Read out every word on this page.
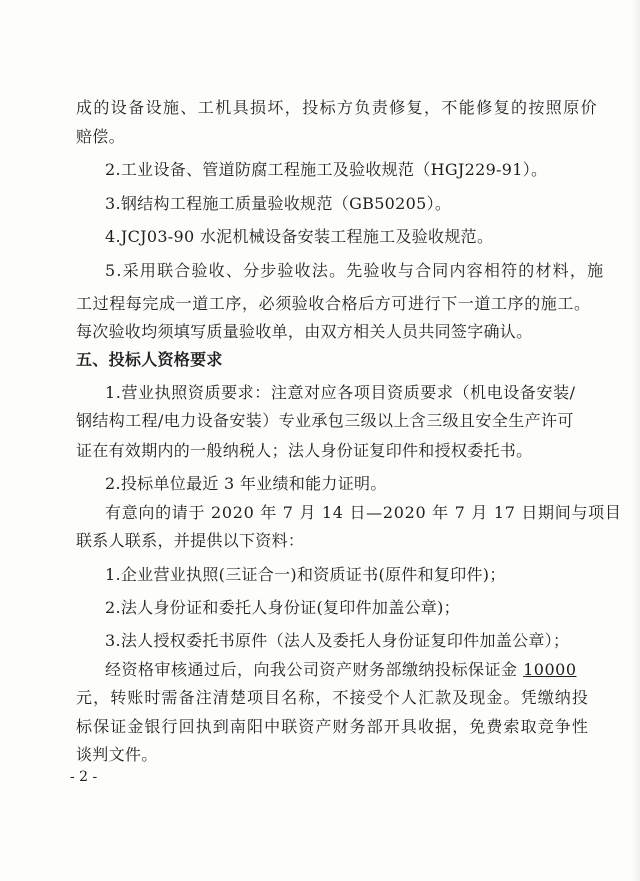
成的设备设施、工机具损坏，投标方负责修复，不能修复的按照原价
赔偿。
2.工业设备、管道防腐工程施工及验收规范（HGJ229-91）。
3.钢结构工程施工质量验收规范（GB50205）。
4.JCJ03-90 水泥机械设备安装工程施工及验收规范。
5.采用联合验收、分步验收法。先验收与合同内容相符的材料，施
工过程每完成一道工序，必须验收合格后方可进行下一道工序的施工。
每次验收均须填写质量验收单，由双方相关人员共同签字确认。
五、投标人资格要求
1.营业执照资质要求：注意对应各项目资质要求（机电设备安装/
钢结构工程/电力设备安装）专业承包三级以上含三级且安全生产许可
证在有效期内的一般纳税人；法人身份证复印件和授权委托书。
2.投标单位最近 3 年业绩和能力证明。
有意向的请于 2020 年 7 月 14 日—2020 年 7 月 17 日期间与项目
联系人联系，并提供以下资料：
1.企业营业执照(三证合一)和资质证书(原件和复印件)；
2.法人身份证和委托人身份证(复印件加盖公章)；
3.法人授权委托书原件（法人及委托人身份证复印件加盖公章）；
经资格审核通过后，向我公司资产财务部缴纳投标保证金 10000
元，转账时需备注清楚项目名称，不接受个人汇款及现金。凭缴纳投
标保证金银行回执到南阳中联资产财务部开具收据，免费索取竞争性
谈判文件。
- 2 -
